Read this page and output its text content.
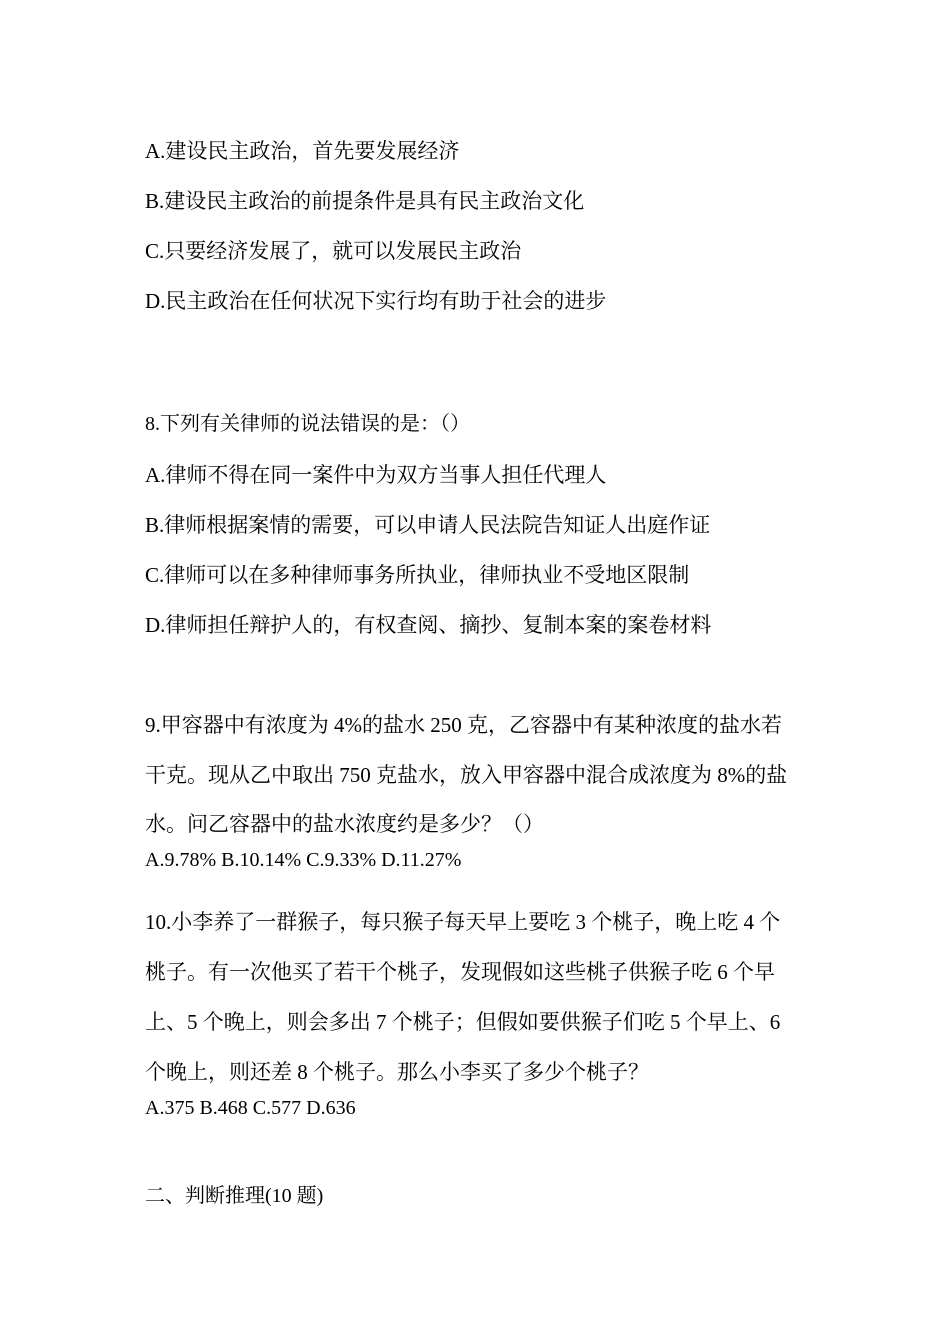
A.建设民主政治，首先要发展经济
B.建设民主政治的前提条件是具有民主政治文化
C.只要经济发展了，就可以发展民主政治
D.民主政治在任何状况下实行均有助于社会的进步
8.下列有关律师的说法错误的是：（）
A.律师不得在同一案件中为双方当事人担任代理人
B.律师根据案情的需要，可以申请人民法院告知证人出庭作证
C.律师可以在多种律师事务所执业，律师执业不受地区限制
D.律师担任辩护人的，有权查阅、摘抄、复制本案的案卷材料
9.甲容器中有浓度为 4%的盐水 250 克，乙容器中有某种浓度的盐水若
干克。现从乙中取出 750 克盐水，放入甲容器中混合成浓度为 8%的盐
水。问乙容器中的盐水浓度约是多少？（）
A.9.78% B.10.14% C.9.33% D.11.27%
10.小李养了一群猴子，每只猴子每天早上要吃 3 个桃子，晚上吃 4 个
桃子。有一次他买了若干个桃子，发现假如这些桃子供猴子吃 6 个早
上、5 个晚上，则会多出 7 个桃子；但假如要供猴子们吃 5 个早上、6
个晚上，则还差 8 个桃子。那么小李买了多少个桃子？
A.375 B.468 C.577 D.636
二、判断推理(10 题)
